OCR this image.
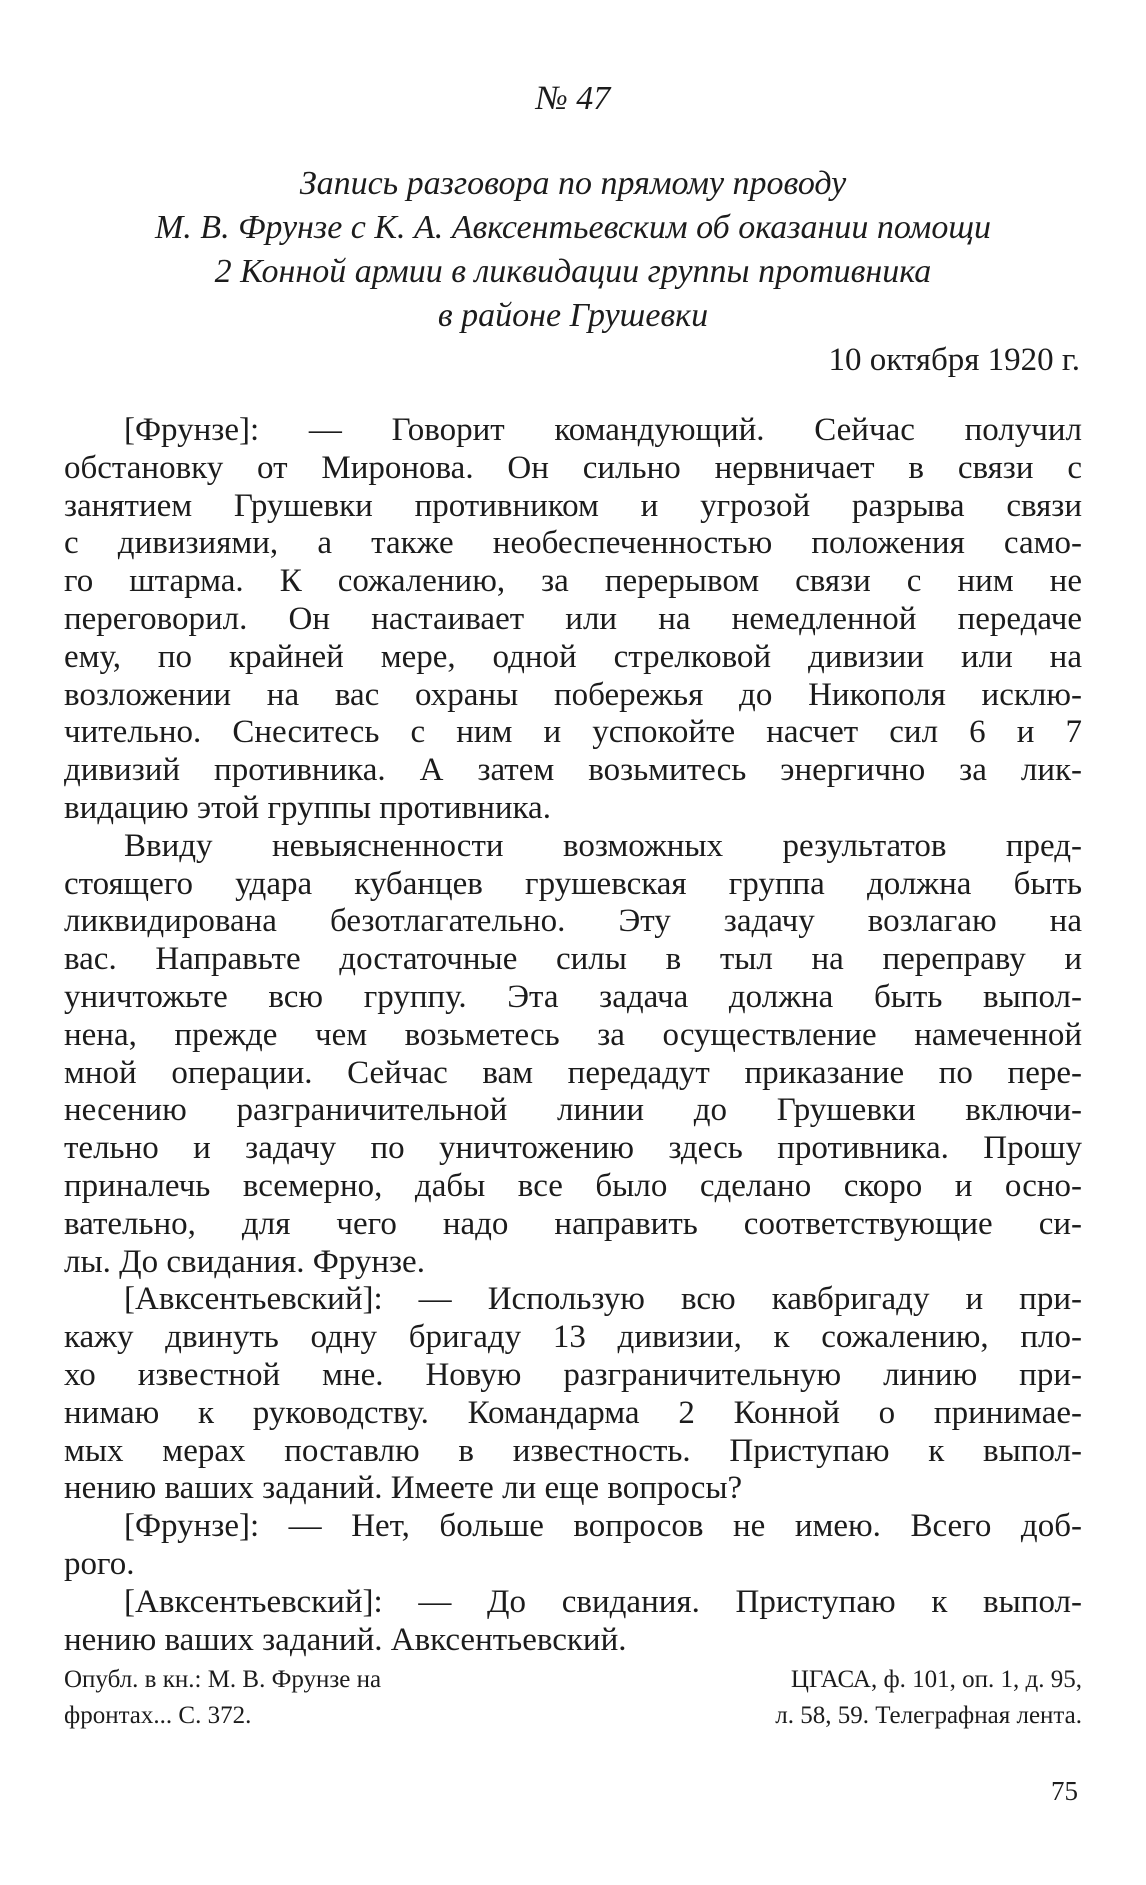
№ 47
Запись разговора по прямому проводу
М. В. Фрунзе с К. А. Авксентьевским об оказании помощи
2 Конной армии в ликвидации группы противника
в районе Грушевки
10 октября 1920 г.
[Фрунзе]: — Говорит командующий. Сейчас получил
обстановку от Миронова. Он сильно нервничает в связи с
занятием Грушевки противником и угрозой разрыва связи
с дивизиями, а также необеспеченностью положения само-
го штарма. К сожалению, за перерывом связи с ним не
переговорил. Он настаивает или на немедленной передаче
ему, по крайней мере, одной стрелковой дивизии или на
возложении на вас охраны побережья до Никополя исклю-
чительно. Снеситесь с ним и успокойте насчет сил 6 и 7
дивизий противника. А затем возьмитесь энергично за лик-
видацию этой группы противника.
Ввиду невыясненности возможных результатов пред-
стоящего удара кубанцев грушевская группа должна быть
ликвидирована безотлагательно. Эту задачу возлагаю на
вас. Направьте достаточные силы в тыл на переправу и
уничтожьте всю группу. Эта задача должна быть выпол-
нена, прежде чем возьметесь за осуществление намеченной
мной операции. Сейчас вам передадут приказание по пере-
несению разграничительной линии до Грушевки включи-
тельно и задачу по уничтожению здесь противника. Прошу
приналечь всемерно, дабы все было сделано скоро и осно-
вательно, для чего надо направить соответствующие си-
лы. До свидания. Фрунзе.
[Авксентьевский]: — Использую всю кавбригаду и при-
кажу двинуть одну бригаду 13 дивизии, к сожалению, пло-
хо известной мне. Новую разграничительную линию при-
нимаю к руководству. Командарма 2 Конной о принимае-
мых мерах поставлю в известность. Приступаю к выпол-
нению ваших заданий. Имеете ли еще вопросы?
[Фрунзе]: — Нет, больше вопросов не имею. Всего доб-
рого.
[Авксентьевский]: — До свидания. Приступаю к выпол-
нению ваших заданий. Авксентьевский.
Опубл. в кн.: М. В. Фрунзе на
фронтах... С. 372.
ЦГАСА, ф. 101, оп. 1, д. 95,
л. 58, 59. Телеграфная лента.
75
